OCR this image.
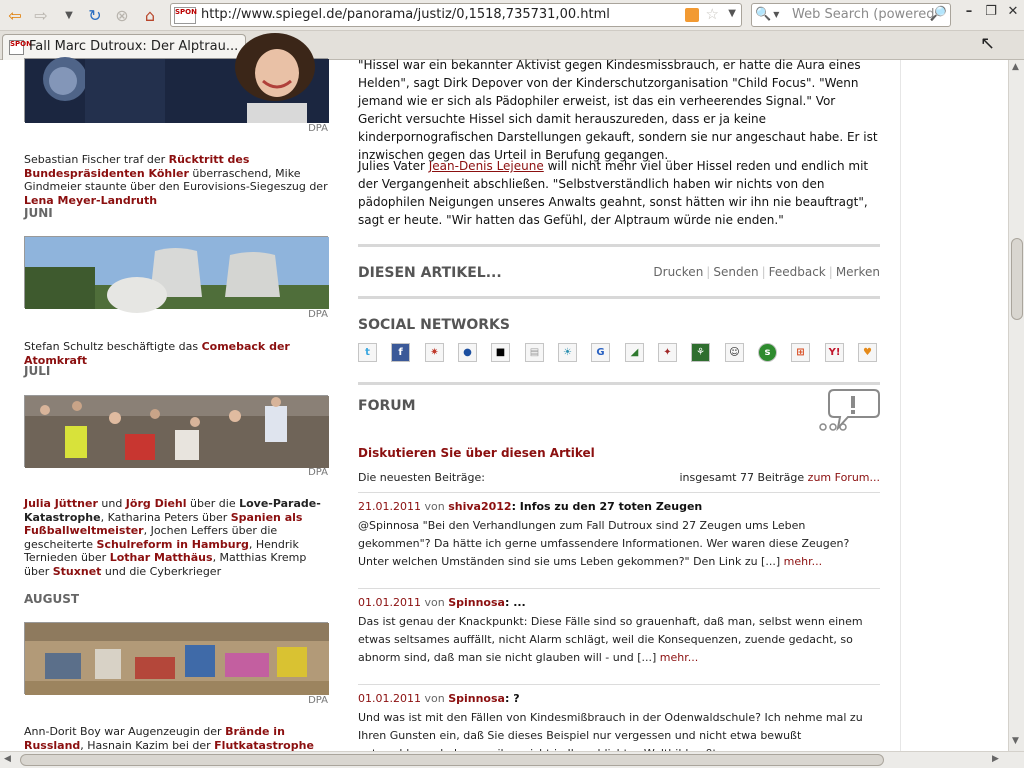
⇦ ⇨	▼ ↻ ⊗	⌂	SPON http://www.spiegel.de/panorama/justiz/0,1518,735731,00.html	☆ ▼ 🔍 ▼ Web Search (powered
🔎	– ❐ ✕
SPON
Fall Marc Dutroux: Der Alptrau...	↖
DPA
Sebastian Fischer traf der Rücktritt des Bundespräsidenten Köhler überraschend, Mike Gindmeier staunte über den Eurovisions-Siegeszug der Lena Meyer-Landruth
JUNI
DPA
Stefan Schultz beschäftigte das Comeback der Atomkraft
JULI
DPA
Julia Jüttner und Jörg Diehl über die Love-Parade-Katastrophe, Katharina Peters über Spanien als Fußballweltmeister, Jochen Leffers über die gescheiterte Schulreform in Hamburg, Hendrik Ternieden über Lothar Matthäus, Matthias Kremp über Stuxnet und die Cyberkrieger
AUGUST
DPA
Ann-Dorit Boy war Augenzeugin der Brände in Russland, Hasnain Kazim bei der Flutkatastrophe
"Hissel war ein bekannter Aktivist gegen Kindesmissbrauch, er hatte die Aura eines Helden", sagt Dirk Depover von der Kinderschutzorganisation "Child Focus". "Wenn jemand wie er sich als Pädophiler erweist, ist das ein verheerendes Signal." Vor Gericht versuchte Hissel sich damit herauszureden, dass er ja keine kinderpornografischen Darstellungen gekauft, sondern sie nur angeschaut habe. Er ist inzwischen gegen das Urteil in Berufung gegangen.
Julies Vater Jean-Denis Lejeune will nicht mehr viel über Hissel reden und endlich mit der Vergangenheit abschließen. "Selbstverständlich haben wir nichts von den pädophilen Neigungen unseres Anwalts geahnt, sonst hätten wir ihn nie beauftragt", sagt er heute. "Wir hatten das Gefühl, der Alptraum würde nie enden."
DIESEN ARTIKEL...	Drucken | Senden | Feedback | Merken
SOCIAL NETWORKS
t	f	✷	●	■	▤	☀	G	◢	✦	⚘	☺	s	⊞	Y!	♥
FORUM
Diskutieren Sie über diesen Artikel
Die neuesten Beiträge:	insgesamt 77 Beiträge zum Forum...
21.01.2011 von shiva2012: Infos zu den 27 toten Zeugen
@Spinnosa "Bei den Verhandlungen zum Fall Dutroux sind 27 Zeugen ums Leben gekommen"? Da hätte ich gerne umfassendere Informationen. Wer waren diese Zeugen? Unter welchen Umständen sind sie ums Leben gekommen?" Den Link zu [...] mehr...
01.01.2011 von Spinnosa: ...
Das ist genau der Knackpunkt: Diese Fälle sind so grauenhaft, daß man, selbst wenn einem etwas seltsames auffällt, nicht Alarm schlägt, weil die Konsequenzen, zuende gedacht, so abnorm sind, daß man sie nicht glauben will - und [...] mehr...
01.01.2011 von Spinnosa: ?
Und was ist mit den Fällen von Kindesmißbrauch in der Odenwaldschule? Ich nehme mal zu Ihren Gunsten ein, daß Sie dieses Beispiel nur vergessen und nicht etwa bewußt
▲
▼
◀	▶
